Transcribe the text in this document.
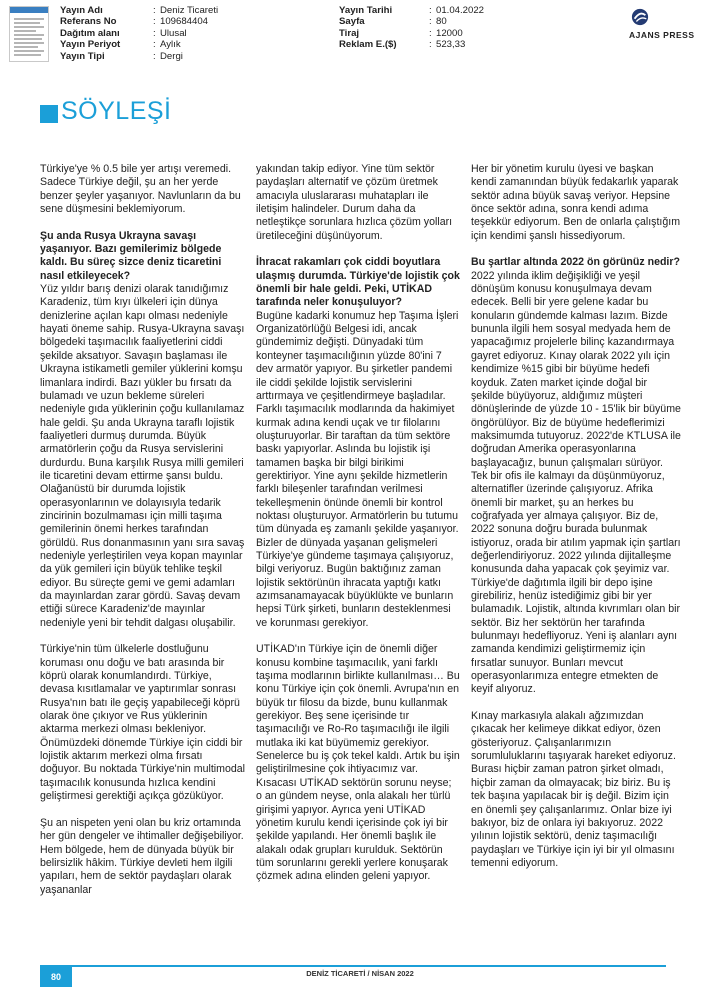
Yayın Adı	: Deniz Ticareti
Referans No	: 109684404
Dağıtım alanı	: Ulusal
Yayın Periyot	: Aylık
Yayın Tipi	: Dergi
Yayın Tarihi	: 01.04.2022
Sayfa	: 80
Tiraj	: 12000
Reklam E.($)	: 523,33
AJANS PRESS
SÖYLEŞİ

Türkiye'ye % 0.5 bile yer artışı veremedi. Sadece Türkiye değil, şu an her yerde benzer şeyler yaşanıyor. Navlunların da bu sene düşmesini beklemiyorum.

Şu anda Rusya Ukrayna savaşı yaşanıyor. Bazı gemilerimiz bölgede kaldı. Bu süreç sizce deniz ticaretini nasıl etkileyecek?

Yüz yıldır barış denizi olarak tanıdığımız Karadeniz, tüm kıyı ülkeleri için dünya denizlerine açılan kapı olması nedeniyle hayati öneme sahip. Rusya-Ukrayna savaşı bölgedeki taşımacılık faaliyetlerini ciddi şekilde aksatıyor. Savaşın başlaması ile Ukrayna istikametli gemiler yüklerini komşu limanlara indirdi. Bazı yükler bu fırsatı da bulamadı ve uzun bekleme süreleri nedeniyle gıda yüklerinin çoğu kullanılamaz hale geldi. Şu anda Ukrayna taraflı lojistik faaliyetleri durmuş durumda. Büyük armatörlerin çoğu da Rusya servislerini durdurdu. Buna karşılık Rusya milli gemileri ile ticaretini devam ettirme şansı buldu. Olağanüstü bir durumda lojistik operasyonlarının ve dolayısıyla tedarik zincirinin bozulmaması için milli taşıma gemilerinin önemi herkes tarafından görüldü. Rus donanmasının yanı sıra savaş nedeniyle yerleştirilen veya kopan mayınlar da yük gemileri için büyük tehlike teşkil ediyor. Bu süreçte gemi ve gemi adamları da mayınlardan zarar gördü. Savaş devam ettiği sürece Karadeniz'de mayınlar nedeniyle yeni bir tehdit dalgası oluşabilir.

Türkiye'nin tüm ülkelerle dostluğunu koruması onu doğu ve batı arasında bir köprü olarak konumlandırdı. Türkiye, devasa kısıtlamalar ve yaptırımlar sonrası Rusya'nın batı ile geçiş yapabileceği köprü olarak öne çıkıyor ve Rus yüklerinin aktarma merkezi olması bekleniyor. Önümüzdeki dönemde Türkiye için ciddi bir lojistik aktarım merkezi olma fırsatı doğuyor. Bu noktada Türkiye'nin multimodal taşımacılık konusunda hızlıca kendini geliştirmesi gerektiği açıkça gözüküyor.

Şu an nispeten yeni olan bu kriz ortamında her gün dengeler ve ihtimaller değişebiliyor. Hem bölgede, hem de dünyada büyük bir belirsizlik hâkim. Türkiye devleti hem ilgili yapıları, hem de sektör paydaşları olarak yaşananlar

yakından takip ediyor. Yine tüm sektör paydaşları alternatif ve çözüm üretmek amacıyla uluslararası muhatapları ile iletişim halindeler. Durum daha da netleştikçe sorunlara hızlıca çözüm yolları üretileceğini düşünüyorum.

İhracat rakamları çok ciddi boyutlara ulaşmış durumda. Türkiye'de lojistik çok önemli bir hale geldi. Peki, UTİKAD tarafında neler konuşuluyor?

Bugüne kadarki konumuz hep Taşıma İşleri Organizatörlüğü Belgesi idi, ancak gündemimiz değişti. Dünyadaki tüm konteyner taşımacılığının yüzde 80'ini 7 dev armatör yapıyor. Bu şirketler pandemi ile ciddi şekilde lojistik servislerini arttırmaya ve çeşitlendirmeye başladılar. Farklı taşımacılık modlarında da hakimiyet kurmak adına kendi uçak ve tır filolarını oluşturuyorlar. Bir taraftan da tüm sektöre baskı yapıyorlar. Aslında bu lojistik işi tamamen başka bir bilgi birikimi gerektiriyor. Yine aynı şekilde hizmetlerin farklı bileşenler tarafından verilmesi tekelleşmenin önünde önemli bir kontrol noktası oluşturuyor. Armatörlerin bu tutumu tüm dünyada eş zamanlı şekilde yaşanıyor. Bizler de dünyada yaşanan gelişmeleri Türkiye'ye gündeme taşımaya çalışıyoruz, bilgi veriyoruz. Bugün baktığınız zaman lojistik sektörünün ihracata yaptığı katkı azımsanamayacak büyüklükte ve bunların hepsi Türk şirketi, bunların desteklenmesi ve korunması gerekiyor.

UTİKAD'ın Türkiye için de önemli diğer konusu kombine taşımacılık, yani farklı taşıma modlarının birlikte kullanılması… Bu konu Türkiye için çok önemli. Avrupa'nın en büyük tır filosu da bizde, bunu kullanmak gerekiyor. Beş sene içerisinde tır taşımacılığı ve Ro-Ro taşımacılığı ile ilgili mutlaka iki kat büyümemiz gerekiyor. Senelerce bu iş çok tekel kaldı. Artık bu işin geliştirilmesine çok ihtiyacımız var. Kısacası UTİKAD sektörün sorunu neyse; o an gündem neyse, onla alakalı her türlü girişimi yapıyor. Ayrıca yeni UTİKAD yönetim kurulu kendi içerisinde çok iyi bir şekilde yapılandı. Her önemli başlık ile alakalı odak grupları kurulduk. Sektörün tüm sorunlarını gerekli yerlere konuşarak çözmek adına elinden geleni yapıyor.

Her bir yönetim kurulu üyesi ve başkan kendi zamanından büyük fedakarlık yaparak sektör adına büyük savaş veriyor. Hepsine önce sektör adına, sonra kendi adıma teşekkür ediyorum. Ben de onlarla çalıştığım için kendimi şanslı hissediyorum.

Bu şartlar altında 2022 ön görünüz nedir?

2022 yılında iklim değişikliği ve yeşil dönüşüm konusu konuşulmaya devam edecek. Belli bir yere gelene kadar bu konuların gündemde kalması lazım. Bizde bununla ilgili hem sosyal medyada hem de yapacağımız projelerle bilinç kazandırmaya gayret ediyoruz. Kınay olarak 2022 yılı için kendimize %15 gibi bir büyüme hedefi koyduk. Zaten market içinde doğal bir şekilde büyüyoruz, aldığımız müşteri dönüşlerinde de yüzde 10 - 15'lik bir büyüme öngörülüyor. Biz de büyüme hedeflerimizi maksimumda tutuyoruz. 2022'de KTLUSA ile doğrudan Amerika operasyonlarına başlayacağız, bunun çalışmaları sürüyor. Tek bir ofis ile kalmayı da düşünmüyoruz, alternatifler üzerinde çalışıyoruz. Afrika önemli bir market, şu an herkes bu coğrafyada yer almaya çalışıyor. Biz de, 2022 sonuna doğru burada bulunmak istiyoruz, orada bir atılım yapmak için şartları değerlendiriyoruz. 2022 yılında dijitalleşme konusunda daha yapacak çok şeyimiz var. Türkiye'de dağıtımla ilgili bir depo işine girebiliriz, henüz istediğimiz gibi bir yer bulamadık. Lojistik, altında kıvrımları olan bir sektör. Biz her sektörün her tarafında bulunmayı hedefliyoruz. Yeni iş alanları aynı zamanda kendimizi geliştirmemiz için fırsatlar sunuyor. Bunları mevcut operasyonlarımıza entegre etmekten de keyif alıyoruz.

Kınay markasıyla alakalı ağzımızdan çıkacak her kelimeye dikkat ediyor, özen gösteriyoruz. Çalışanlarımızın sorumluluklarını taşıyarak hareket ediyoruz. Burası hiçbir zaman patron şirket olmadı, hiçbir zaman da olmayacak; biz biriz. Bu iş tek başına yapılacak bir iş değil. Bizim için en önemli şey çalışanlarımız. Onlar bize iyi bakıyor, biz de onlara iyi bakıyoruz. 2022 yılının lojistik sektörü, deniz taşımacılığı paydaşları ve Türkiye için iyi bir yıl olmasını temenni ediyorum.

80	DENİZ TİCARETİ / NİSAN 2022
